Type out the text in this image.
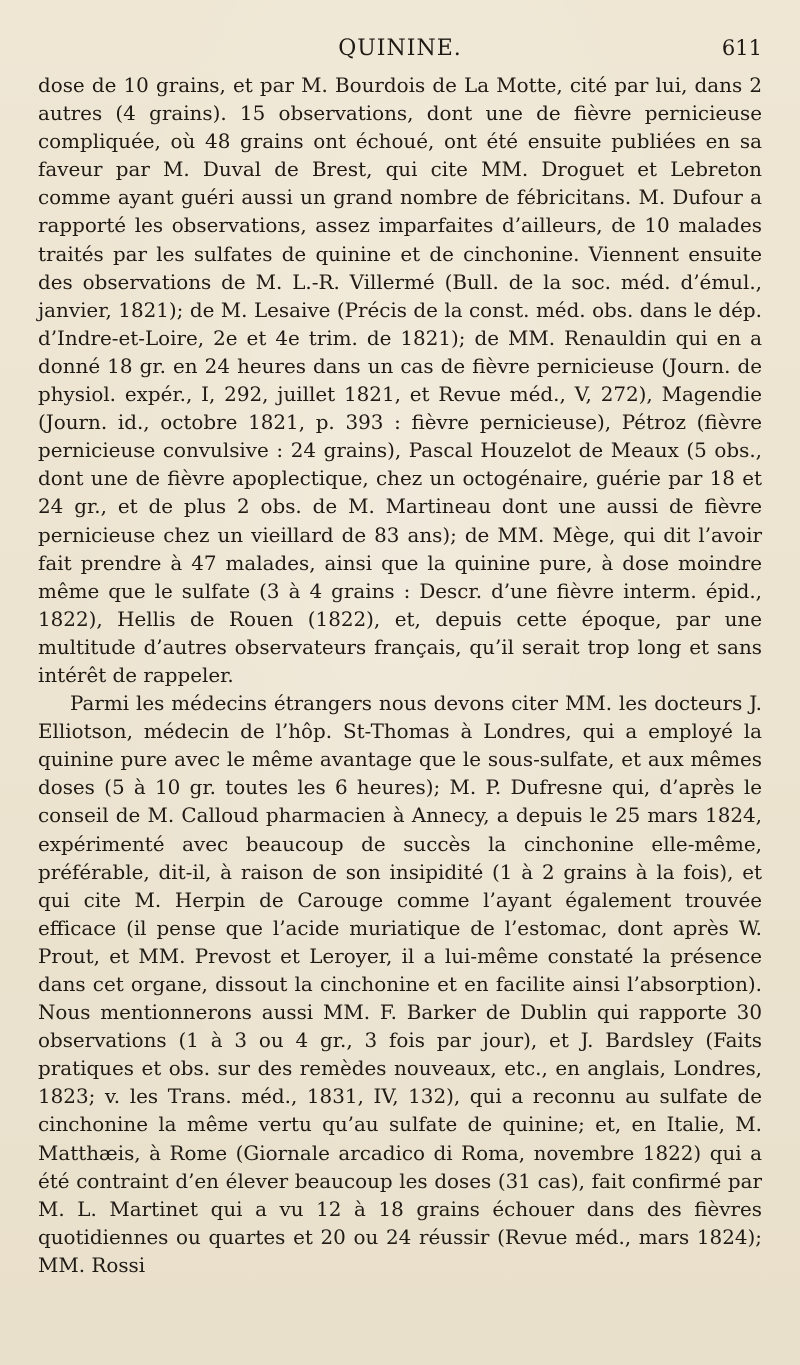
QUININE.	611

dose de 10 grains, et par M. Bourdois de La Motte, cité par lui, dans 2 autres (4 grains). 15 observations, dont une de fièvre pernicieuse compliquée, où 48 grains ont échoué, ont été ensuite publiées en sa faveur par M. Duval de Brest, qui cite MM. Droguet et Lebreton comme ayant guéri aussi un grand nombre de fébricitans. M. Dufour a rapporté les observations, assez imparfaites d’ailleurs, de 10 malades traités par les sulfates de quinine et de cinchonine. Viennent ensuite des observations de M. L.-R. Villermé (Bull. de la soc. méd. d’émul., janvier, 1821); de M. Lesaive (Précis de la const. méd. obs. dans le dép. d’Indre-et-Loire, 2e et 4e trim. de 1821); de MM. Renauldin qui en a donné 18 gr. en 24 heures dans un cas de fièvre pernicieuse (Journ. de physiol. expér., I, 292, juillet 1821, et Revue méd., V, 272), Magendie (Journ. id., octobre 1821, p. 393 : fièvre pernicieuse), Pétroz (fièvre pernicieuse convulsive : 24 grains), Pascal Houzelot de Meaux (5 obs., dont une de fièvre apoplectique, chez un octogénaire, guérie par 18 et 24 gr., et de plus 2 obs. de M. Martineau dont une aussi de fièvre pernicieuse chez un vieillard de 83 ans); de MM. Mège, qui dit l’avoir fait prendre à 47 malades, ainsi que la quinine pure, à dose moindre même que le sulfate (3 à 4 grains : Descr. d’une fièvre interm. épid., 1822), Hellis de Rouen (1822), et, depuis cette époque, par une multitude d’autres observateurs français, qu’il serait trop long et sans intérêt de rappeler.

Parmi les médecins étrangers nous devons citer MM. les docteurs J. Elliotson, médecin de l’hôp. St-Thomas à Londres, qui a employé la quinine pure avec le même avantage que le sous-sulfate, et aux mêmes doses (5 à 10 gr. toutes les 6 heures); M. P. Dufresne qui, d’après le conseil de M. Calloud pharmacien à Annecy, a depuis le 25 mars 1824, expérimenté avec beaucoup de succès la cinchonine elle-même, préférable, dit-il, à raison de son insipidité (1 à 2 grains à la fois), et qui cite M. Herpin de Carouge comme l’ayant également trouvée efficace (il pense que l’acide muriatique de l’estomac, dont après W. Prout, et MM. Prevost et Leroyer, il a lui-même constaté la présence dans cet organe, dissout la cinchonine et en facilite ainsi l’absorption). Nous mentionnerons aussi MM. F. Barker de Dublin qui rapporte 30 observations (1 à 3 ou 4 gr., 3 fois par jour), et J. Bardsley (Faits pratiques et obs. sur des remèdes nouveaux, etc., en anglais, Londres, 1823; v. les Trans. méd., 1831, IV, 132), qui a reconnu au sulfate de cinchonine la même vertu qu’au sulfate de quinine; et, en Italie, M. Matthæis, à Rome (Giornale arcadico di Roma, novembre 1822) qui a été contraint d’en élever beaucoup les doses (31 cas), fait confirmé par M. L. Martinet qui a vu 12 à 18 grains échouer dans des fièvres quotidiennes ou quartes et 20 ou 24 réussir (Revue méd., mars 1824); MM. Rossi
